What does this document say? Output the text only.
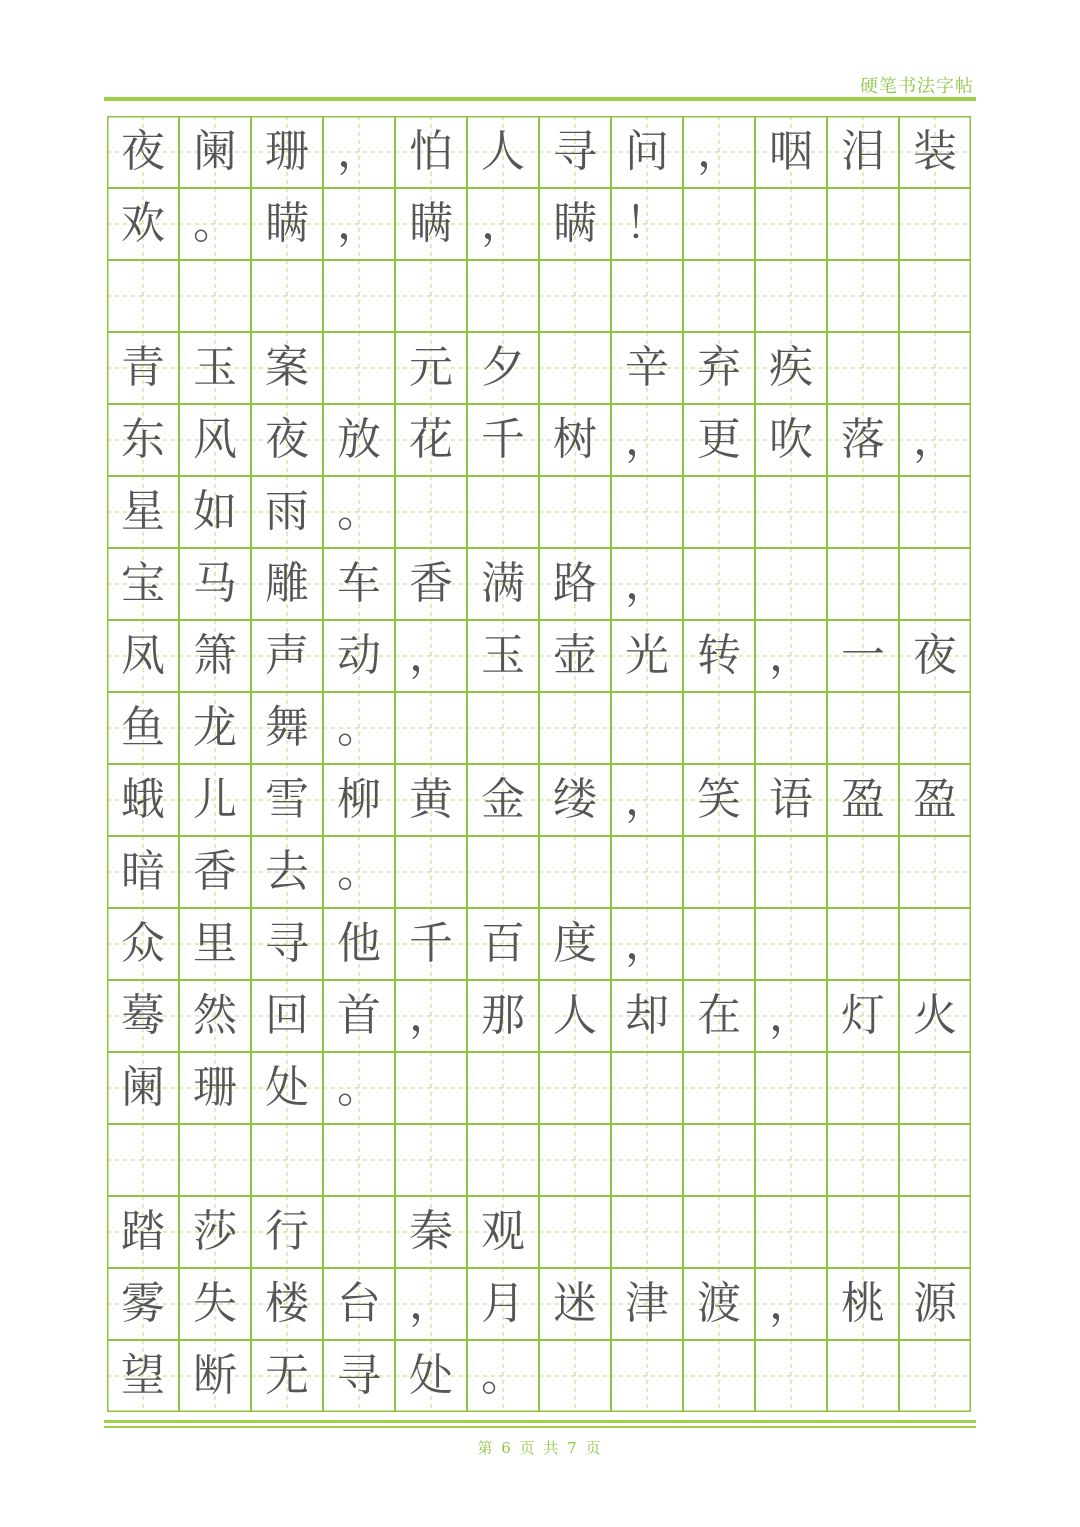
硬笔书法字帖
夜 阑 珊 ， 怕 人 寻 问 ， 咽 泪 装
欢 。 瞒 ， 瞒 ， 瞒 ！
青 玉 案	元 夕	辛 弃 疾
东 风 夜 放 花 千 树 ， 更 吹 落 ，
星 如 雨 。
宝 马 雕 车 香 满 路 ，
凤 箫 声 动 ， 玉 壶 光 转 ， 一 夜
鱼 龙 舞 。
蛾 儿 雪 柳 黄 金 缕 ， 笑 语 盈 盈
暗 香 去 。
众 里 寻 他 千 百 度 ，
蓦 然 回 首 ， 那 人 却 在 ， 灯 火
阑 珊 处 。
踏 莎 行	秦 观
雾 失 楼 台 ， 月 迷 津 渡 ， 桃 源
望 断 无 寻 处 。
第 6 页 共 7 页
